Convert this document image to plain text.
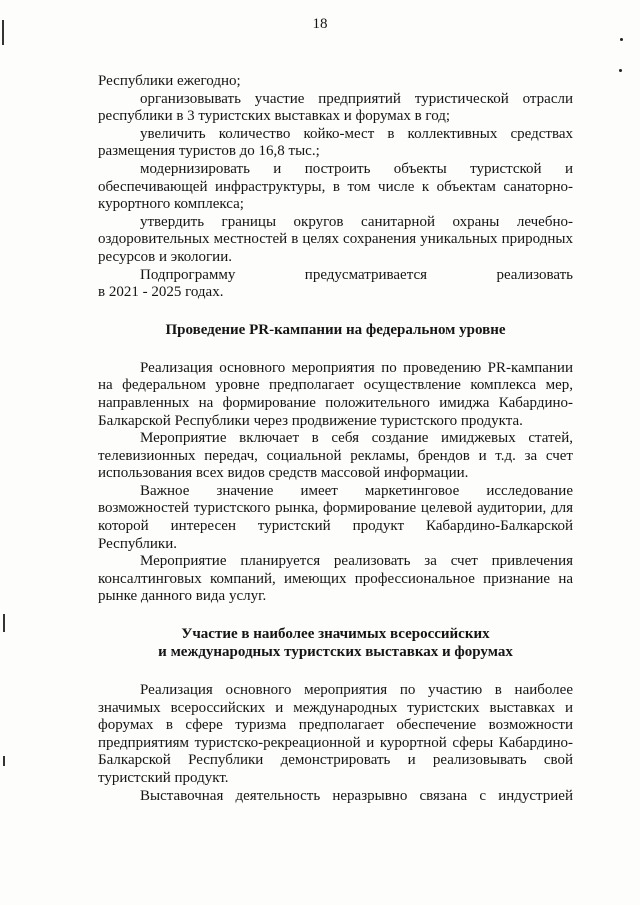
18

Республики ежегодно;

организовывать участие предприятий туристической отрасли республики в 3 туристских выставках и форумах в год;

увеличить количество койко-мест в коллективных средствах размещения туристов до 16,8 тыс.;

модернизировать и построить объекты туристской и обеспечивающей инфраструктуры, в том числе к объектам санаторно-курортного комплекса;

утвердить границы округов санитарной охраны лечебно-оздоровительных местностей в целях сохранения уникальных природных ресурсов и экологии.

Подпрограмму предусматривается реализовать

в 2021 - 2025 годах.

Проведение PR-кампании на федеральном уровне

Реализация основного мероприятия по проведению PR-кампании на федеральном уровне предполагает осуществление комплекса мер, направленных на формирование положительного имиджа Кабардино-Балкарской Республики через продвижение туристского продукта.

Мероприятие включает в себя создание имиджевых статей, телевизионных передач, социальной рекламы, брендов и т.д. за счет использования всех видов средств массовой информации.

Важное значение имеет маркетинговое исследование возможностей туристского рынка, формирование целевой аудитории, для которой интересен туристский продукт Кабардино-Балкарской Республики.

Мероприятие планируется реализовать за счет привлечения консалтинговых компаний, имеющих профессиональное признание на рынке данного вида услуг.

Участие в наиболее значимых всероссийских
и международных туристских выставках и форумах

Реализация основного мероприятия по участию в наиболее значимых всероссийских и международных туристских выставках и форумах в сфере туризма предполагает обеспечение возможности предприятиям туристско-рекреационной и курортной сферы Кабардино-Балкарской Республики демонстрировать и реализовывать свой туристский продукт.

Выставочная деятельность неразрывно связана с индустрией
